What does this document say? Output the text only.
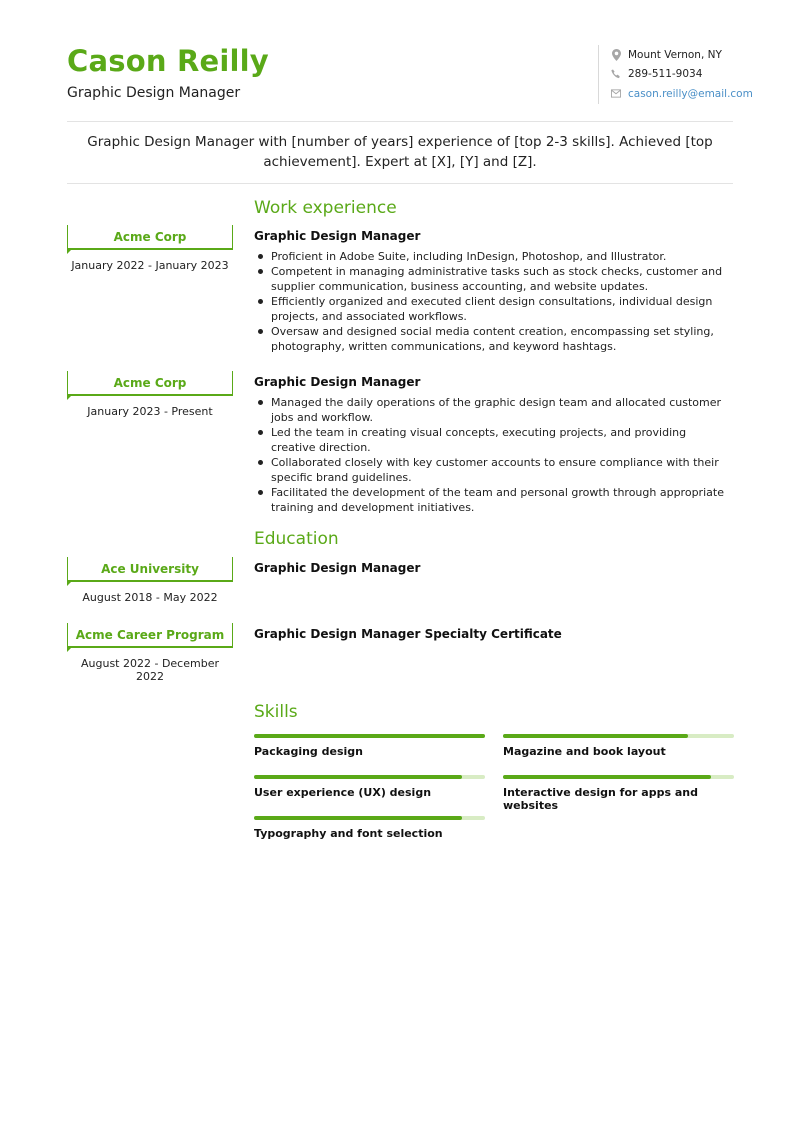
Cason Reilly
Graphic Design Manager
Mount Vernon, NY
289-511-9034
cason.reilly@email.com
Graphic Design Manager with [number of years] experience of [top 2-3 skills]. Achieved [top achievement]. Expert at [X], [Y] and [Z].
Work experience
Acme Corp
January 2022 - January 2023
Graphic Design Manager
Proficient in Adobe Suite, including InDesign, Photoshop, and Illustrator.
Competent in managing administrative tasks such as stock checks, customer and supplier communication, business accounting, and website updates.
Efficiently organized and executed client design consultations, individual design projects, and associated workflows.
Oversaw and designed social media content creation, encompassing set styling, photography, written communications, and keyword hashtags.
Acme Corp
January 2023 - Present
Graphic Design Manager
Managed the daily operations of the graphic design team and allocated customer jobs and workflow.
Led the team in creating visual concepts, executing projects, and providing creative direction.
Collaborated closely with key customer accounts to ensure compliance with their specific brand guidelines.
Facilitated the development of the team and personal growth through appropriate training and development initiatives.
Education
Ace University
August 2018 - May 2022
Graphic Design Manager
Acme Career Program
August 2022 - December 2022
Graphic Design Manager Specialty Certificate
Skills
Packaging design	Magazine and book layout
User experience (UX) design	Interactive design for apps and websites
Typography and font selection
